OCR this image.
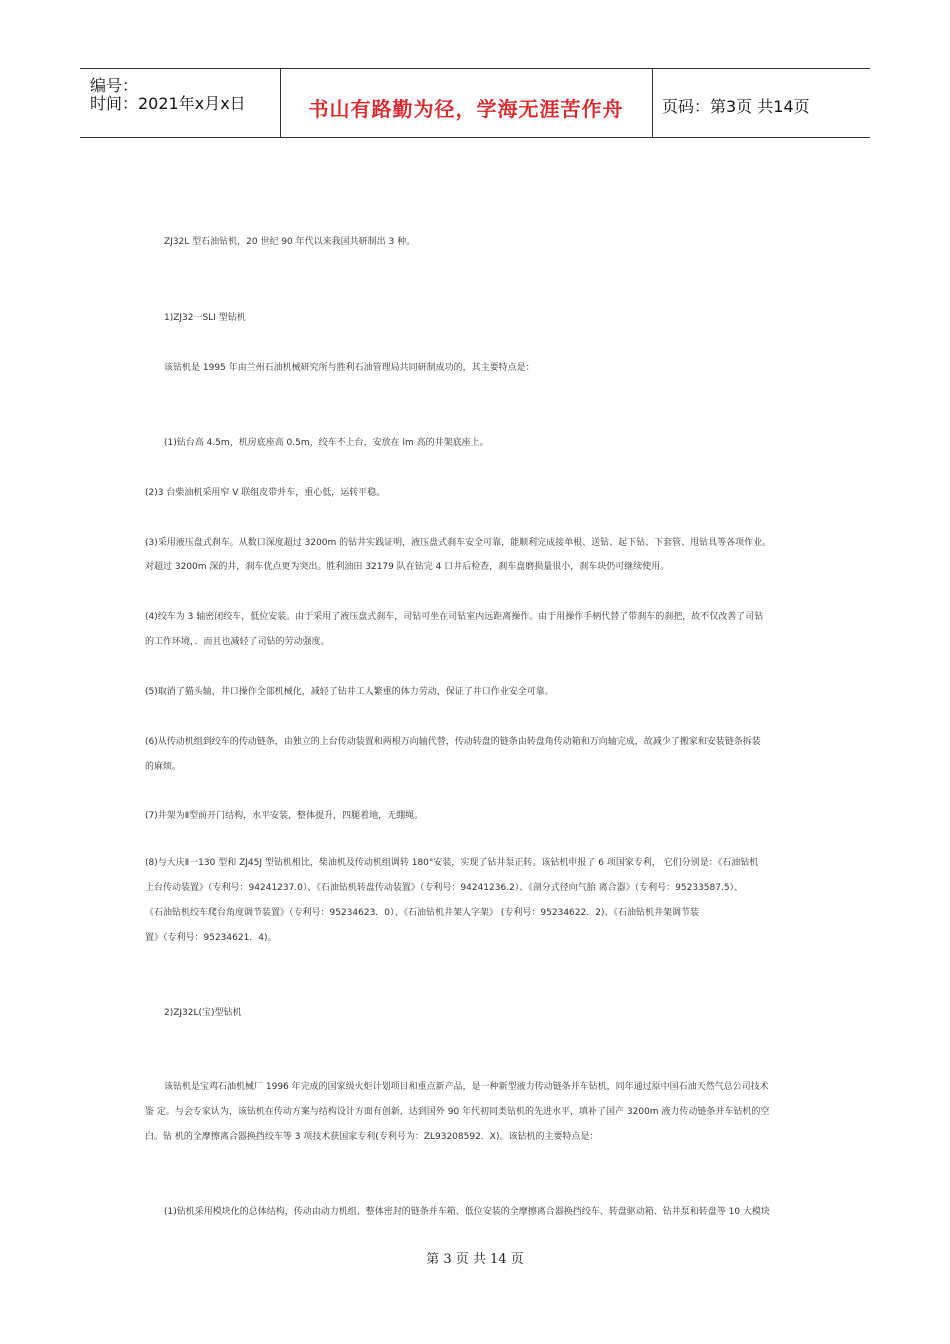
编号：
时间：2021年x月x日	书山有路勤为径，学海无涯苦作舟	页码：第3页 共14页
ZJ32L 型石油钻机，20 世纪 90 年代以来我国共研制出 3 种。
1)ZJ32一SLI 型钻机
该钻机是 1995 年由兰州石油机械研究所与胜利石油管理局共同研制成功的，其主要特点是：
(1)钻台高 4.5m，机房底座高 0.5m，绞车不上台，安放在 lm 高的井架底座上。
(2)3 台柴油机采用窄 V 联组皮带并车，重心低，运转平稳。
(3)采用液压盘式刹车。从数口深度超过 3200m 的钻井实践证明，液压盘式刹车安全可靠，能顺利完成接单根、送钻、起下钻、下套管、甩钻具等各项作业。
对超过 3200m 深的井，刹车优点更为突出。胜利油田 32179 队在钻完 4 口井后检查，刹车盘磨损量很小，刹车块仍可继续使用。
(4)绞车为 3 轴密闭绞车，低位安装。由于采用了液压盘式刹车，司钻可坐在司钻室内远距离操作。由于用操作手柄代替了带刹车的刹把，故不仅改善了司钻
的工作环境，．而且也减轻了司钻的劳动强度。
(5)取消了猫头轴，井口操作全部机械化，减轻了钻井工人繁重的体力劳动，保证了井口作业安全可靠。
(6)从传动机组到绞车的传动链条，由独立的上台传动装置和两根万向轴代替，传动转盘的链条由转盘角传动箱和万向轴完成，故减少了搬家和安装链条拆装
的麻烦。
(7)井架为Ⅱ型前开门结构，水平安装，整体提升，四腿着地，无绷绳。
(8)与大庆Ⅱ一130 型和 ZJ45J 型钻机相比，柴油机及传动机组调转 180°安装，实现了钻井泵正转。该钻机申报了 6 项国家专利， 它们分别是：《石油钻机
上台传动装置》（专利号：94241237.0）、《石油钻机转盘传动装置》（专利号：94241236.2）、《剖分式径向气胎 离合器》（专利号：95233587.5）、
《石油钻机绞车爬台角度调节装置》（专利号：95234623．0）、《石油钻机井架人字架》 (专利号：95234622．2)、《石油钻机井架调节装
置》（专利号：95234621．4)。
2)ZJ32L(宝)型钻机
该钻机是宝鸡石油机械厂 1996 年完成的国家级火炬计划项目和重点新产品，是一种新型液力传动链条并车钻机，同年通过原中国石油天然气总公司技术
鉴 定。与会专家认为，该钻机在传动方案与结构设计方面有创新，达到国外 90 年代初同类钻机的先进水平，填补了国产 3200m 液力传动链条并车钻机的空
白。钻 机的全摩擦离合器换挡绞车等 3 项技术获国家专利(专利号为：ZL93208592．X)。该钻机的主要特点是：
(1)钻机采用模块化的总体结构，传动由动力机组、整体密封的链条并车箱、低位安装的全摩擦离合器换挡绞车、转盘驱动箱、钻井泵和转盘等 10 大模块
第 3 页 共 14 页
